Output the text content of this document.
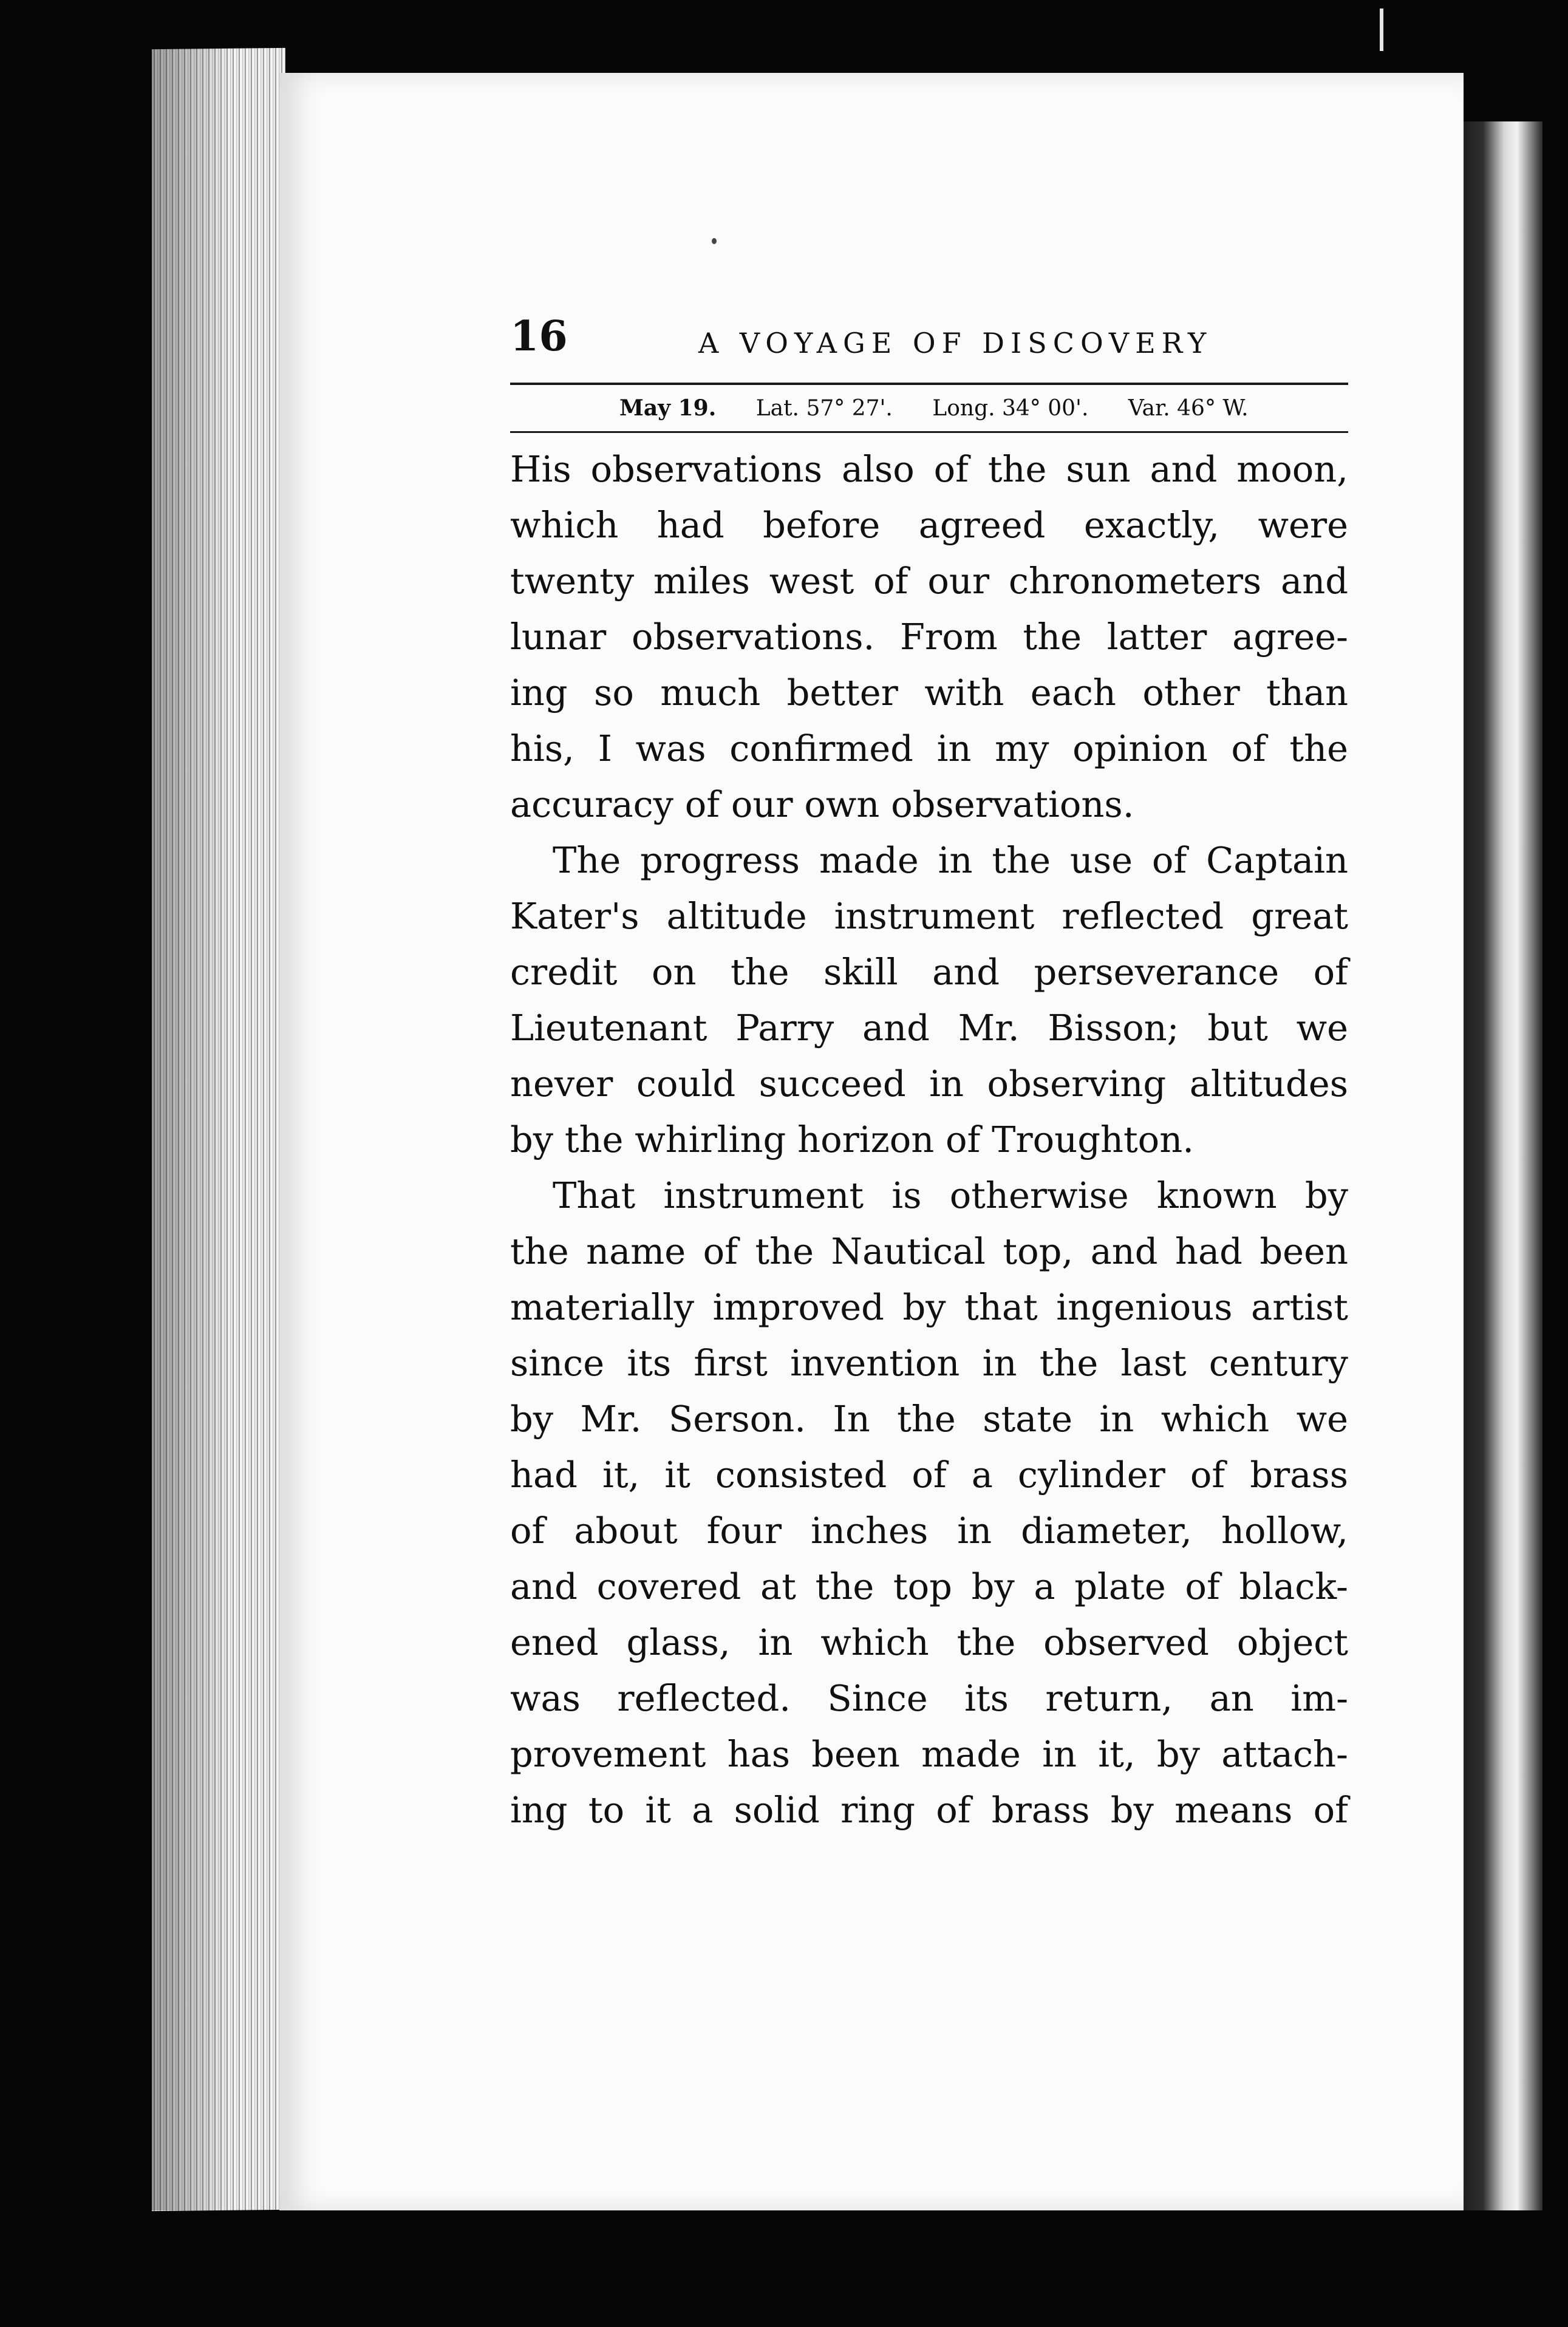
16	A VOYAGE OF DISCOVERY
May 19. Lat. 57° 27'. Long. 34° 00'. Var. 46° W.
His observations also of the sun and moon,
which had before agreed exactly, were
twenty miles west of our chronometers and
lunar observations. From the latter agree-
ing so much better with each other than
his, I was confirmed in my opinion of the
accuracy of our own observations.
The progress made in the use of Captain
Kater's altitude instrument reflected great
credit on the skill and perseverance of
Lieutenant Parry and Mr. Bisson; but we
never could succeed in observing altitudes
by the whirling horizon of Troughton.
That instrument is otherwise known by
the name of the Nautical top, and had been
materially improved by that ingenious artist
since its first invention in the last century
by Mr. Serson. In the state in which we
had it, it consisted of a cylinder of brass
of about four inches in diameter, hollow,
and covered at the top by a plate of black-
ened glass, in which the observed object
was reflected. Since its return, an im-
provement has been made in it, by attach-
ing to it a solid ring of brass by means of
